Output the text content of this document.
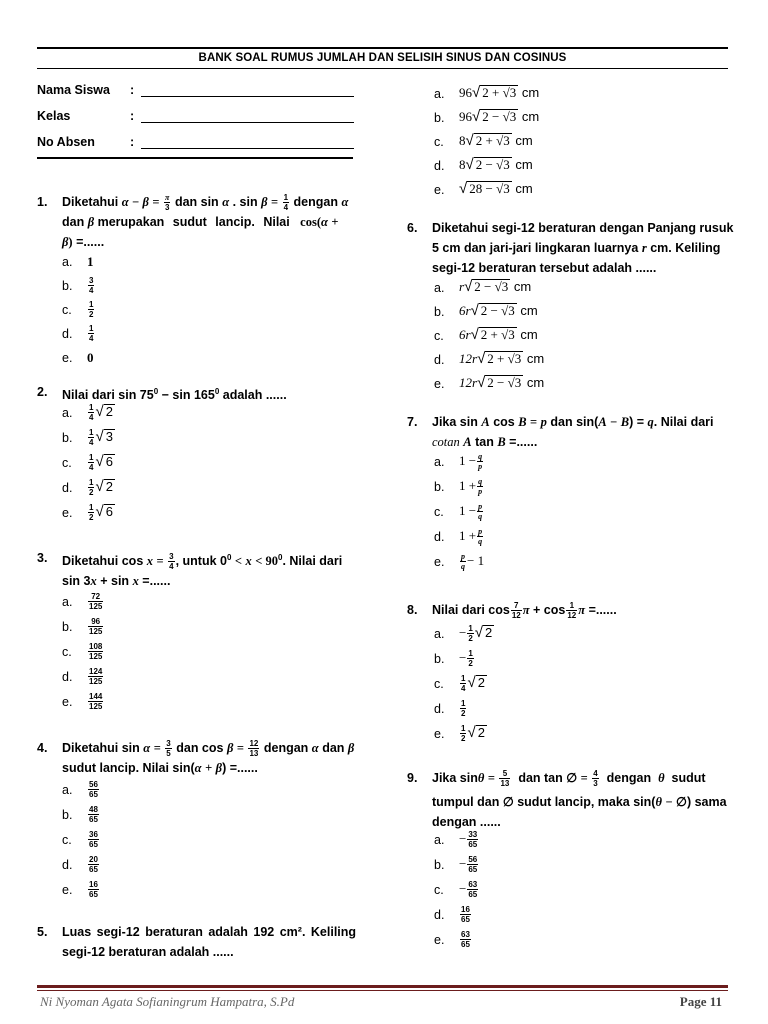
BANK SOAL RUMUS JUMLAH DAN SELISIH SINUS DAN COSINUS
Nama Siswa	:
Kelas	:
No Absen	:
1.	Diketahui $\alpha - \beta = \frac{\pi}{3}$ dan sin α . $\sin \beta = \frac{1}{4}$ dengan α
dan β merupakan sudut lancip. Nilai cos(α +
β) =......
a.	1
b.	$\frac{3}{4}$
c.	$\frac{1}{2}$
d.	$\frac{1}{4}$
e.	0
2.	Nilai dari $\sin 75^0 - \sin 165^0$ adalah ......
a.	$\frac{1}{4}$ √ 2
b.	$\frac{1}{4}$ √ 3
c.	$\frac{1}{4}$ √ 6
d.	$\frac{1}{2}$ √ 2
e.	$\frac{1}{2}$ √ 6
3.	Diketahui $\cos x = \frac{3}{4}$ , untuk $0^0 < x < 90^0$. Nilai dari
sin 3x + sin x =......
a.	$\frac{72}{125}$
b.	$\frac{96}{125}$
c.	$\frac{108}{125}$
d.	$\frac{124}{125}$
e.	$\frac{144}{125}$
4.	Diketahui $\sin \alpha = \frac{3}{5}$ dan $\cos \beta = \frac{12}{13}$ dengan α dan β
sudut lancip. Nilai sin(α + β) =......
a.	$\frac{56}{65}$
b.	$\frac{48}{65}$
c.	$\frac{36}{65}$
d.	$\frac{20}{65}$
e.	$\frac{16}{65}$
5.	Luas segi-12 beraturan adalah 192 cm². Keliling
segi-12 beraturan adalah ......
a.	96√ 2 + √3 cm
b.	96√ 2 − √3 cm
c.	8√ 2 + √3 cm
d.	8√ 2 − √3 cm
e. √ 28 − √3 cm
6.	Diketahui segi-12 beraturan dengan Panjang rusuk
5 cm dan jari-jari lingkaran luarnya r cm. Keliling
segi-12 beraturan tersebut adalah ......
a.	r√ 2 − √3 cm
b.	6r√ 2 − √3 cm
c.	6r√ 2 + √3 cm
d.	12r√ 2 + √3 cm
e.	12r√ 2 − √3 cm
7.	Jika sin A cos B = p dan sin(A − B) = q. Nilai dari
cotan A tan B =......
a.	$1 - \frac{q}{p}$
b.	$1 + \frac{q}{p}$
c.	$1 - \frac{p}{q}$
d.	$1 + \frac{p}{q}$
e.	$\frac{p}{q} - 1$
8.	Nilai dari $\cos \frac{7}{12}$ $\pi + \cos \frac{1}{12}$ π =......
a.	− $\frac{1}{2}$ √ 2
b.	− $\frac{1}{2}$
c.	$\frac{1}{4}$ √ 2
d.	$\frac{1}{2}$
e.	$\frac{1}{2}$ √ 2
9.	Jika $\sin\theta = \frac{5}{13}$ dan tan ∅ = $\frac{4}{3}$ dengan θ sudut
tumpul dan ∅ sudut lancip, maka sin(θ − ∅) sama
dengan ......
a.	− $\frac{33}{65}$
b.	− $\frac{56}{65}$
c.	− $\frac{63}{65}$
d.	$\frac{16}{65}$
e.	$\frac{63}{65}$
Ni Nyoman Agata Sofianingrum Hampatra, S.Pd	Page 11
